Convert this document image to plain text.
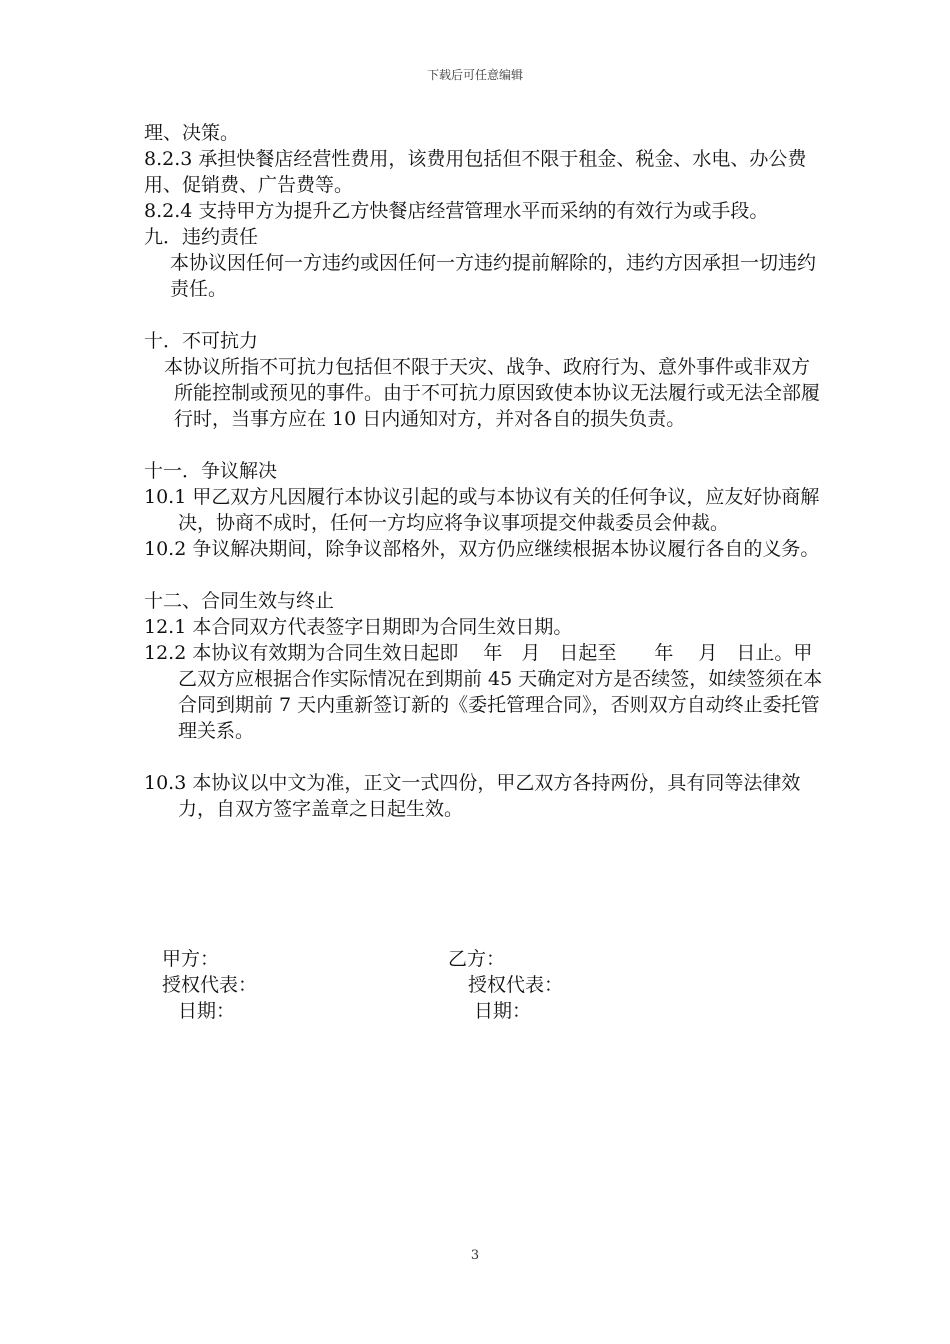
下载后可任意编辑

理、决策。

8.2.3 承担快餐店经营性费用，该费用包括但不限于租金、税金、水电、办公费用、促销费、广告费等。

8.2.4 支持甲方为提升乙方快餐店经营管理水平而采纳的有效行为或手段。

九．违约责任

本协议因任何一方违约或因任何一方违约提前解除的，违约方因承担一切违约责任。

十．不可抗力

本协议所指不可抗力包括但不限于天灾、战争、政府行为、意外事件或非双方所能控制或预见的事件。由于不可抗力原因致使本协议无法履行或无法全部履行时，当事方应在 10 日内通知对方，并对各自的损失负责。

十一．争议解决

10.1 甲乙双方凡因履行本协议引起的或与本协议有关的任何争议，应友好协商解决，协商不成时，任何一方均应将争议事项提交仲裁委员会仲裁。

10.2 争议解决期间，除争议部格外，双方仍应继续根据本协议履行各自的义务。

十二、合同生效与终止

12.1 本合同双方代表签字日期即为合同生效日期。

12.2 本协议有效期为合同生效日起即　 年　月　日起至　　年　 月　日止。甲乙双方应根据合作实际情况在到期前 45 天确定对方是否续签，如续签须在本合同到期前 7 天内重新签订新的《委托管理合同》，否则双方自动终止委托管理关系。

10.3 本协议以中文为准，正文一式四份，甲乙双方各持两份，具有同等法律效力，自双方签字盖章之日起生效。

甲方：
授权代表：
日期：
乙方：
授权代表：
日期：
3
